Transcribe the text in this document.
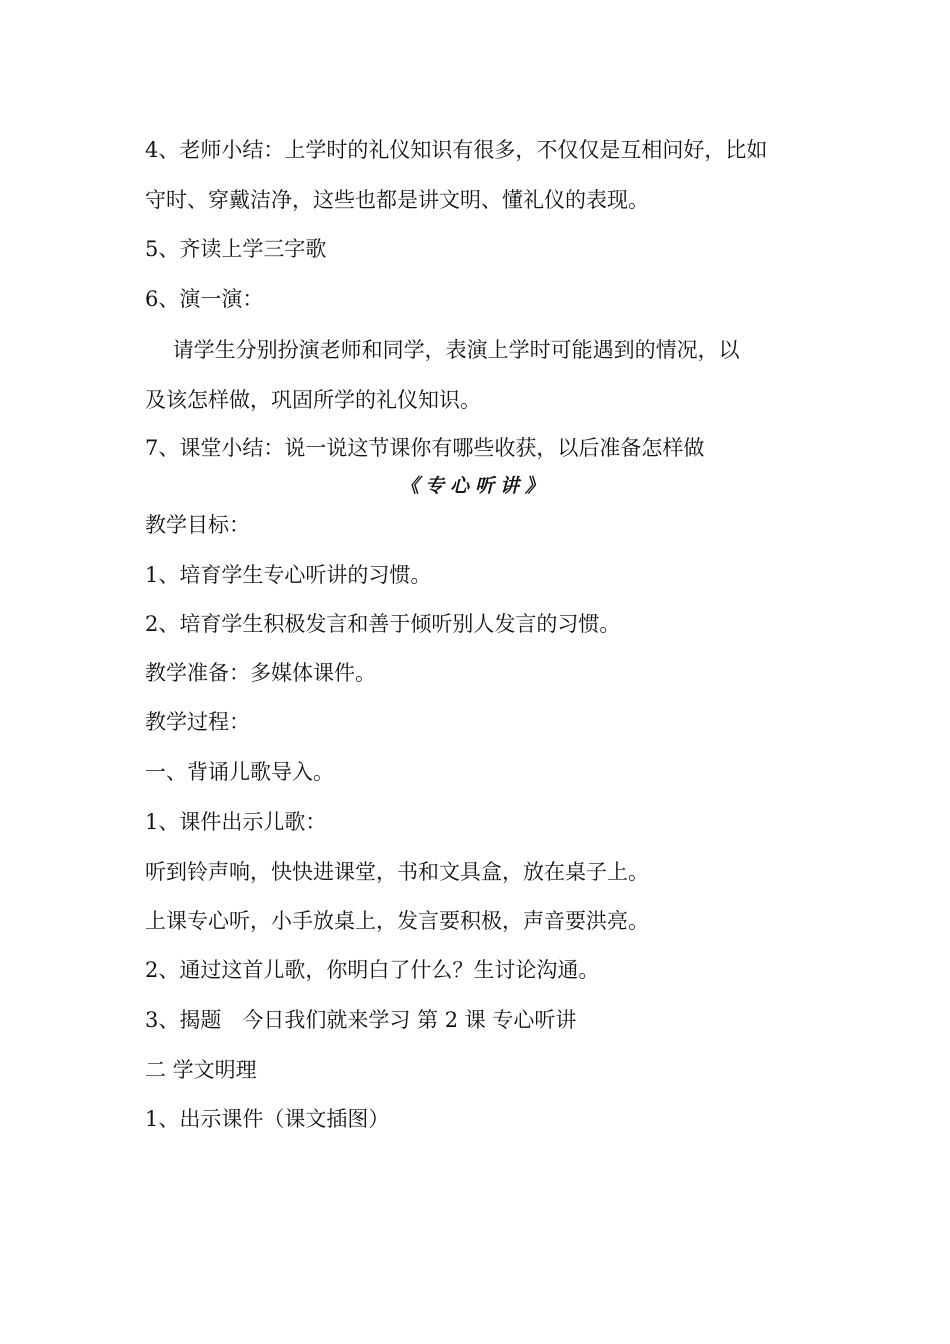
4、老师小结：上学时的礼仪知识有很多，不仅仅是互相问好，比如
守时、穿戴洁净，这些也都是讲文明、懂礼仪的表现。
5、齐读上学三字歌
6、演一演：
　 请学生分别扮演老师和同学，表演上学时可能遇到的情况，以
及该怎样做，巩固所学的礼仪知识。
7、课堂小结：说一说这节课你有哪些收获，以后准备怎样做
《专心听讲》
教学目标：
1、培育学生专心听讲的习惯。
2、培育学生积极发言和善于倾听别人发言的习惯。
教学准备：多媒体课件。
教学过程：
一、背诵儿歌导入。
1、课件出示儿歌：
听到铃声响，快快进课堂，书和文具盒，放在桌子上。
上课专心听，小手放桌上，发言要积极，声音要洪亮。
2、通过这首儿歌，你明白了什么？生讨论沟通。
3、揭题　今日我们就来学习 第 2 课 专心听讲
二 学文明理
1、出示课件（课文插图）
